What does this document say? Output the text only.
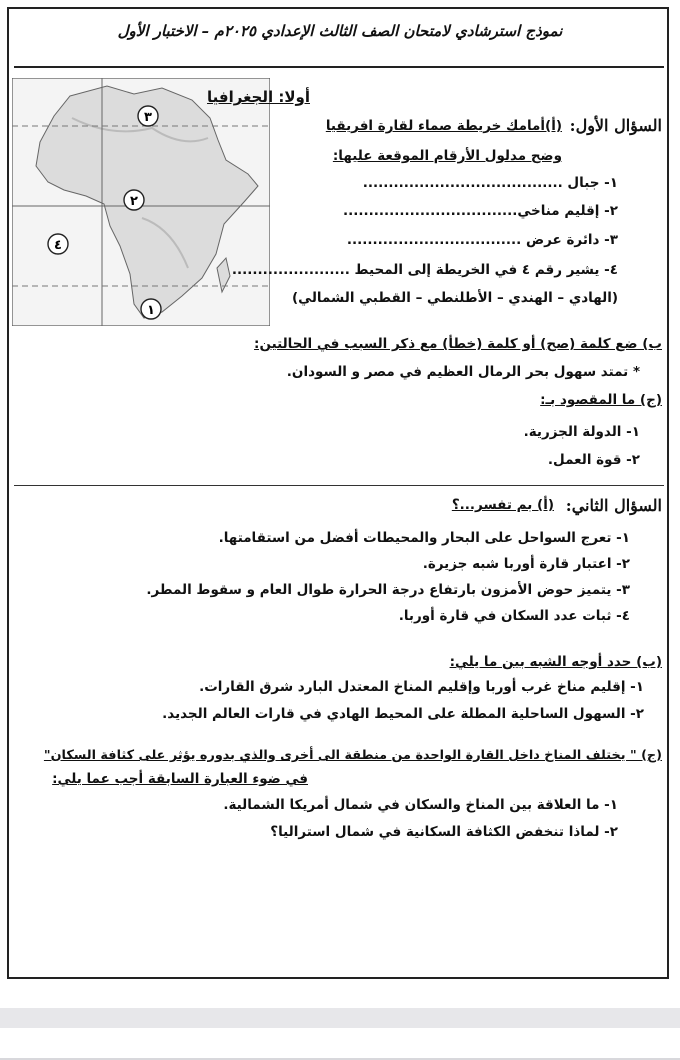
نموذج استرشادي لامتحان الصف الثالث الإعدادي ٢٠٢٥م – الاختبار الأول
٣
٢
٤
١
أولا: الجغرافيا
السؤال الأول:
(أ)أمامك خريطة صماء لقارة افريقيا
وضح مدلول الأرقام الموقعة عليها:
١- جبال .......................................
٢- إقليم مناخي..................................
٣- دائرة عرض ..................................
٤- يشير رقم ٤ في الخريطة إلى المحيط .......................
(الهادي – الهندي – الأطلنطي – القطبي الشمالي)
ب) ضع كلمة (صح) أو كلمة (خطأ) مع ذكر السبب في الحالتين:
* تمتد سهول بحر الرمال العظيم في مصر و السودان.
(ج) ما المقصود بـ:
١- الدولة الجزرية.
٢- قوة العمل.
السؤال الثاني:
(أ) بم تفسر...؟
١- تعرج السواحل على البحار والمحيطات أفضل من استقامتها.
٢- اعتبار قارة أوربا شبه جزيرة.
٣- يتميز حوض الأمزون بارتفاع درجة الحرارة طوال العام و سقوط المطر.
٤- ثبات عدد السكان في قارة أوربا.
(ب) حدد أوجه الشبه بين ما يلي:
١- إقليم مناخ غرب أوربا وإقليم المناخ المعتدل البارد شرق القارات.
٢- السهول الساحلية المطلة على المحيط الهادي في قارات العالم الجديد.
(ج) " يختلف المناخ داخل القارة الواحدة من منطقة الى أخرى والذي بدوره يؤثر على كثافة السكان"
في ضوء العبارة السابقة أجب عما يلي:
١- ما العلاقة بين المناخ والسكان في شمال أمريكا الشمالية.
٢- لماذا تنخفض الكثافة السكانية في شمال استراليا؟
